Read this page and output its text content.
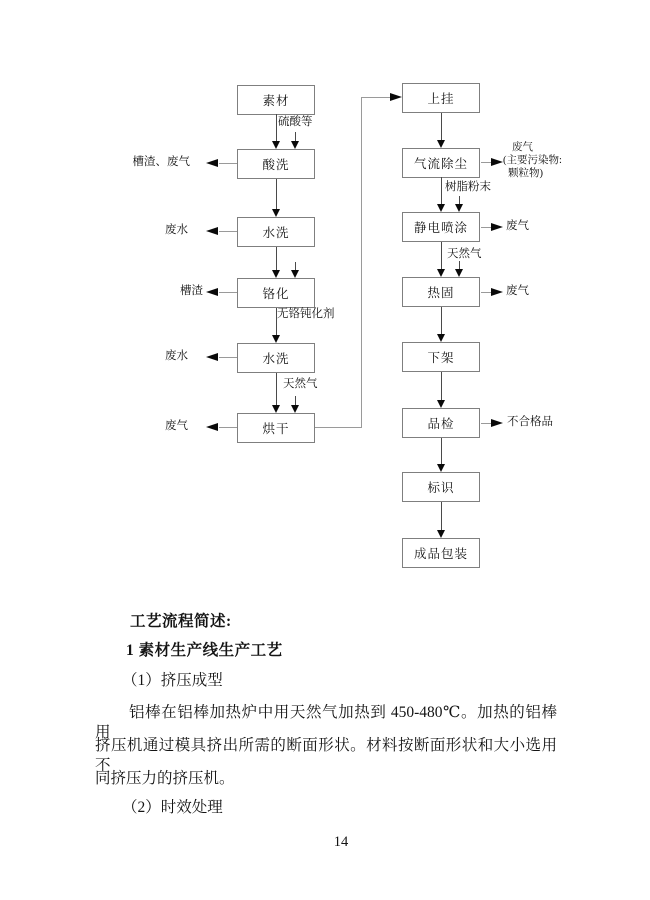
素材
酸洗
水洗
铬化
水洗
烘干
上挂
气流除尘
静电喷涂
热固
下架
品检
标识
成品包装
硫酸等
无铬钝化剂
天然气
树脂粉末
天然气
槽渣、废气
废水
槽渣
废水
废气
废气
(主要污染物:
颗粒物)
废气
废气
不合格品
工艺流程简述:
1 素材生产线生产工艺
（1）挤压成型
铝棒在铝棒加热炉中用天然气加热到 450-480℃。加热的铝棒用
挤压机通过模具挤出所需的断面形状。材料按断面形状和大小选用不
同挤压力的挤压机。
（2）时效处理
14
